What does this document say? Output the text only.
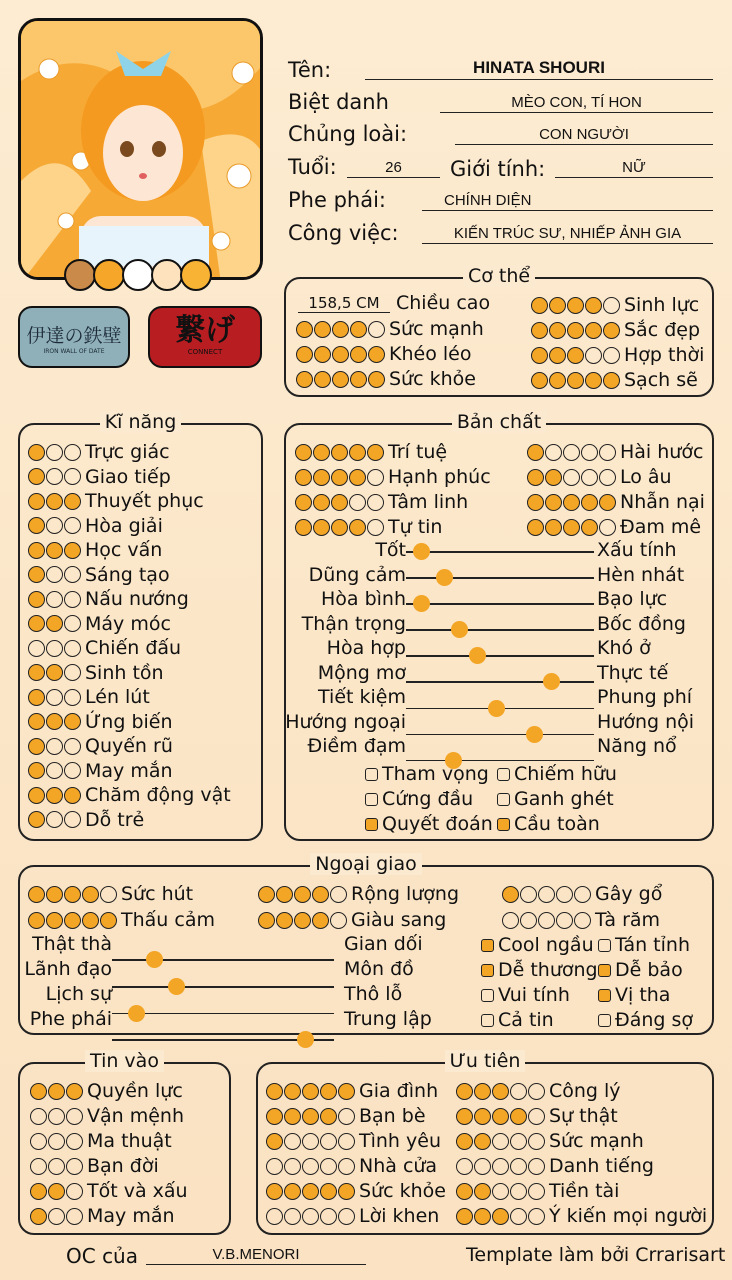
伊達の鉄壁
IRON WALL OF DATE
繋げ
CONNECT
Tên:	HINATA SHOURI
Biệt danh	MÈO CON, TÍ HON
Chủng loài:	CON NGƯỜI
Tuổi:	26	Giới tính:	NỮ
Phe phái:	CHÍNH DIỆN
Công việc:	KIẾN TRÚC SƯ, NHIẾP ẢNH GIA
Cơ thể
158,5 CM Chiều cao
Sức mạnh
Khéo léo
Sức khỏe
Sinh lực
Sắc đẹp
Hợp thời
Sạch sẽ
Kĩ năng
Trực giác
Giao tiếp
Thuyết phục
Hòa giải
Học vấn
Sáng tạo
Nấu nướng
Máy móc
Chiến đấu
Sinh tồn
Lén lút
Ứng biến
Quyến rũ
May mắn
Chăm động vật
Dỗ trẻ
Bản chất
Trí tuệ
Hạnh phúc
Tâm linh
Tự tin
Hài hước
Lo âu
Nhẫn nại
Đam mê
Tốt	Xấu tính
Dũng cảm	Hèn nhát
Hòa bình	Bạo lực
Thận trọng	Bốc đồng
Hòa hợp	Khó ở
Mộng mơ	Thực tế
Tiết kiệm	Phung phí
Hướng ngoại	Hướng nội
Điềm đạm	Năng nổ
Tham vọng Chiếm hữu
Cứng đầu Ganh ghét
Quyết đoán Cầu toàn
Ngoại giao
Sức hút	Rộng lượng	Gây gổ
Thấu cảm	Giàu sang	Tà răm
Thật thà	Gian dối
Lãnh đạo	Môn đồ
Lịch sự	Thô lỗ
Phe phái	Trung lập
Cool ngầu Tán tỉnh
Dễ thương Dễ bảo
Vui tính Vị tha
Cả tin	Đáng sợ
Tin vào
Quyền lực
Vận mệnh
Ma thuật
Bạn đời
Tốt và xấu
May mắn
Ưu tiên
Gia đình
Bạn bè
Tình yêu
Nhà cửa
Sức khỏe
Lời khen
Công lý
Sự thật
Sức mạnh
Danh tiếng
Tiền tài
Ý kiến mọi người
OC của	V.B.MENORI	Template làm bởi Crrarisart
